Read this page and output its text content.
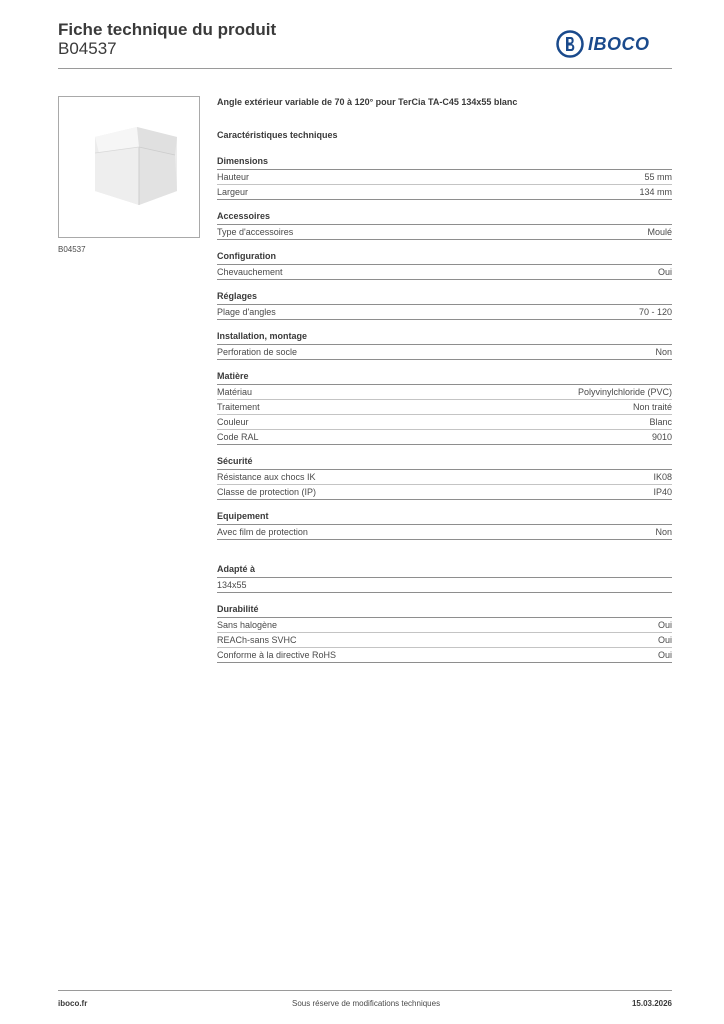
Fiche technique du produit
B04537	IBOCO
B04537
Angle extérieur variable de 70 à 120° pour TerCia TA-C45 134x55 blanc
Caractéristiques techniques
Dimensions
Hauteur	55 mm
Largeur	134 mm
Accessoires
Type d'accessoires	Moulé
Configuration
Chevauchement	Oui
Réglages
Plage d'angles	70 - 120
Installation, montage
Perforation de socle	Non
Matière
Matériau	Polyvinylchloride (PVC)
Traitement	Non traité
Couleur	Blanc
Code RAL	9010
Sécurité
Résistance aux chocs IK	IK08
Classe de protection (IP)	IP40
Equipement
Avec film de protection	Non
Adapté à
134x55
Durabilité
Sans halogène	Oui
REACh-sans SVHC	Oui
Conforme à la directive RoHS	Oui
iboco.fr	Sous réserve de modifications techniques	15.03.2026
